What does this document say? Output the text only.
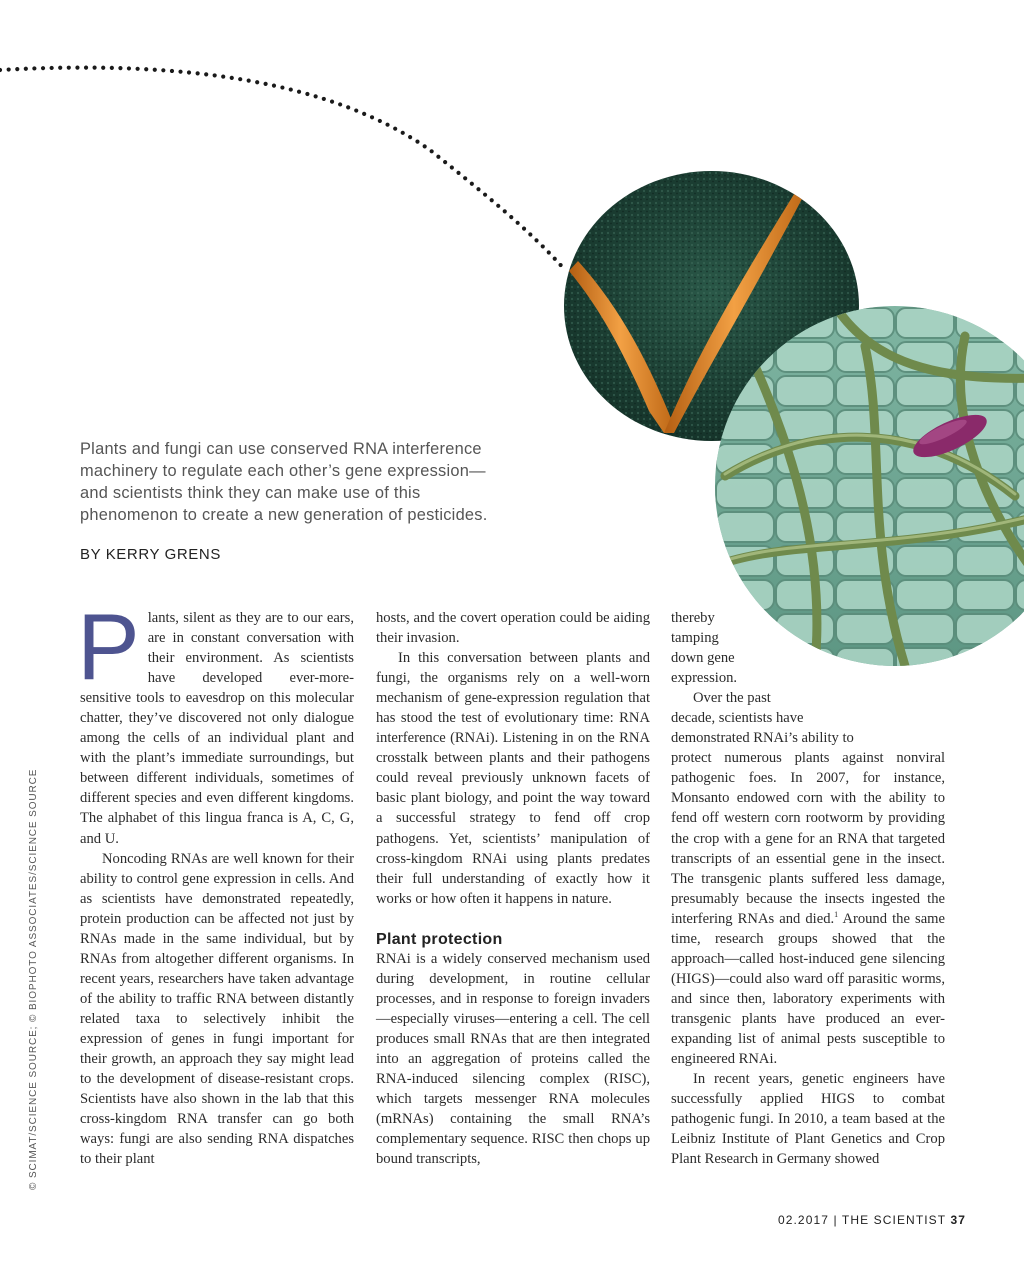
Plants and fungi can use conserved RNA interference
machinery to regulate each other’s gene expression—
and scientists think they can make use of this
phenomenon to create a new generation of pesticides.
BY KERRY GRENS
© SCIMAT/SCIENCE SOURCE; © BIOPHOTO ASSOCIATES/SCIENCE SOURCE

Plants, silent as they are to our ears, are in constant conversation with their environment. As scientists have developed ever-more-sensitive tools to eavesdrop on this molecular chatter, they’ve discovered not only dialogue among the cells of an individual plant and with the plant’s immediate surroundings, but between different individuals, sometimes of different species and even different kingdoms. The alphabet of this lingua franca is A, C, G, and U.

Noncoding RNAs are well known for their ability to control gene expression in cells. And as scientists have demonstrated repeatedly, protein production can be affected not just by RNAs made in the same individual, but by RNAs from altogether different organisms. In recent years, researchers have taken advantage of the ability to traffic RNA between distantly related taxa to selectively inhibit the expression of genes in fungi important for their growth, an approach they say might lead to the development of disease-resistant crops. Scientists have also shown in the lab that this cross-kingdom RNA transfer can go both ways: fungi are also sending RNA dispatches to their plant

hosts, and the covert operation could be aiding their invasion.

In this conversation between plants and fungi, the organisms rely on a well-worn mechanism of gene-expression regulation that has stood the test of evolutionary time: RNA interference (RNAi). Listening in on the RNA crosstalk between plants and their pathogens could reveal previously unknown facets of basic plant biology, and point the way toward a successful strategy to fend off crop pathogens. Yet, scientists’ manipulation of cross-kingdom RNAi using plants predates their full understanding of exactly how it works or how often it happens in nature.

Plant protection

RNAi is a widely conserved mechanism used during development, in routine cellular processes, and in response to foreign invaders—especially viruses—entering a cell. The cell produces small RNAs that are then integrated into an aggregation of proteins called the RNA-induced silencing complex (RISC), which targets messenger RNA molecules (mRNAs) containing the small RNA’s complementary sequence. RISC then chops up bound transcripts,

thereby
tamping
down gene
expression.

Over the past
decade, scientists have
demonstrated RNAi’s ability to

protect numerous plants against nonviral pathogenic foes. In 2007, for instance, Monsanto endowed corn with the ability to fend off western corn rootworm by providing the crop with a gene for an RNA that targeted transcripts of an essential gene in the insect. The transgenic plants suffered less damage, presumably because the insects ingested the interfering RNAs and died.$^1$ Around the same time, research groups showed that the approach—called host-induced gene silencing (HIGS)—could also ward off parasitic worms, and since then, laboratory experiments with transgenic plants have produced an ever-expanding list of animal pests susceptible to engineered RNAi.

In recent years, genetic engineers have successfully applied HIGS to combat pathogenic fungi. In 2010, a team based at the Leibniz Institute of Plant Genetics and Crop Plant Research in Germany showed

02.2017 | THE SCIENTIST 37
